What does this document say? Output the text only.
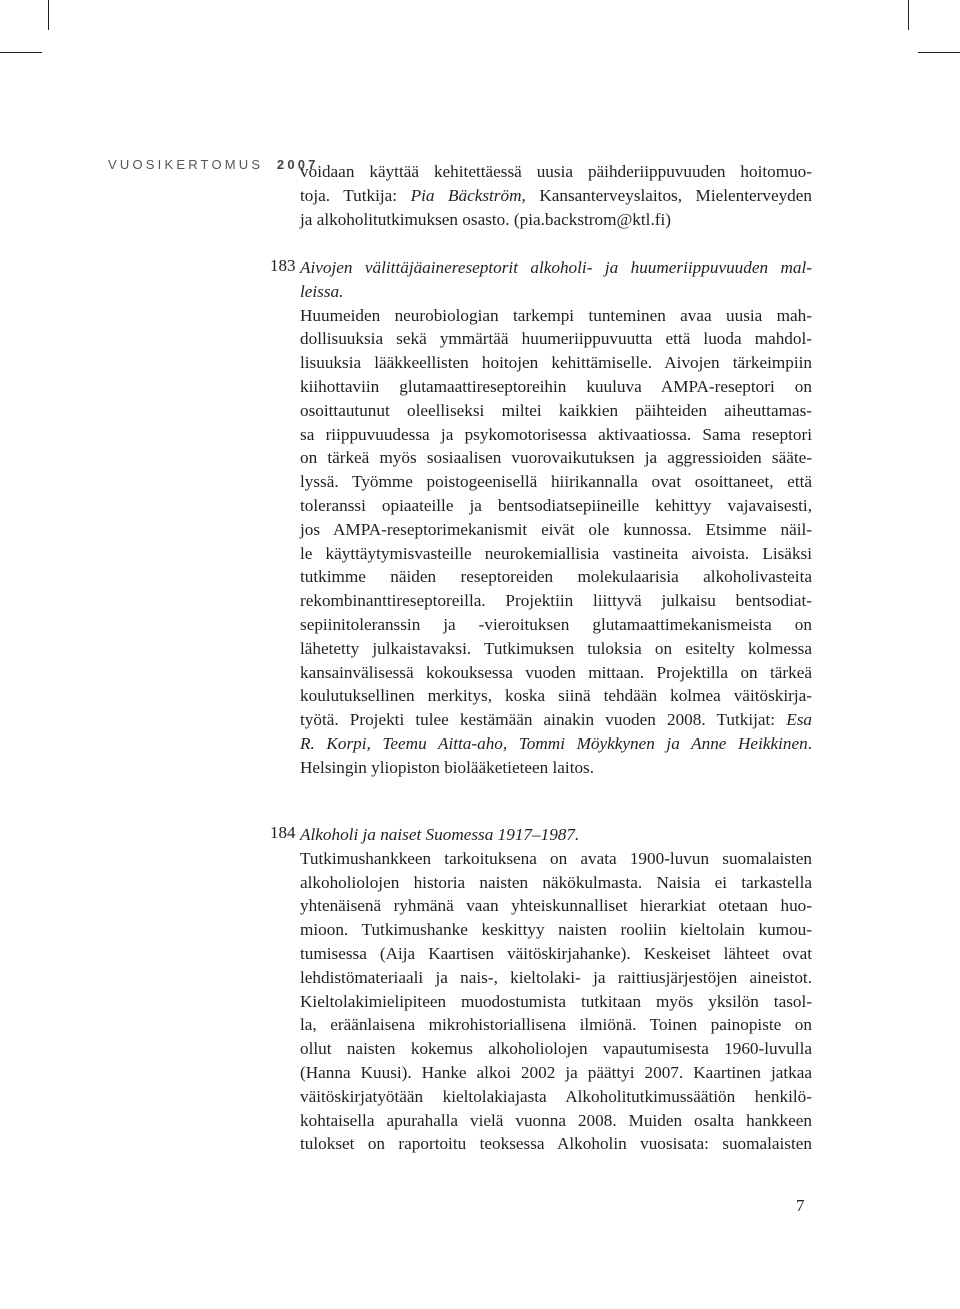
VUOSIKERTOMUS 2007
voidaan käyttää kehitettäessä uusia päihderiippuvuuden hoitomuo-
toja. Tutkija: Pia Bäckström, Kansanterveyslaitos, Mielenterveyden
ja alkoholitutkimuksen osasto. (pia.backstrom@ktl.fi)
183 Aivojen välittäjäainereseptorit alkoholi- ja huumeriippuvuuden mal-
leissa.
Huumeiden neurobiologian tarkempi tunteminen avaa uusia mah-
dollisuuksia sekä ymmärtää huumeriippuvuutta että luoda mahdol-
lisuuksia lääkkeellisten hoitojen kehittämiselle. Aivojen tärkeimpiin
kiihottaviin glutamaattireseptoreihin kuuluva AMPA-reseptori on
osoittautunut oleelliseksi miltei kaikkien päihteiden aiheuttamas-
sa riippuvuudessa ja psykomotorisessa aktivaatiossa. Sama reseptori
on tärkeä myös sosiaalisen vuorovaikutuksen ja aggressioiden sääte-
lyssä. Työmme poistogeenisellä hiirikannalla ovat osoittaneet, että
toleranssi opiaateille ja bentsodiatsepiineille kehittyy vajavaisesti,
jos AMPA-reseptorimekanismit eivät ole kunnossa. Etsimme näil-
le käyttäytymisvasteille neurokemiallisia vastineita aivoista. Lisäksi
tutkimme näiden reseptoreiden molekulaarisia alkoholivasteita
rekombinanttireseptoreilla. Projektiin liittyvä julkaisu bentsodiat-
sepiinitoleranssin ja -vieroituksen glutamaattimekanismeista on
lähetetty julkaistavaksi. Tutkimuksen tuloksia on esitelty kolmessa
kansainvälisessä kokouksessa vuoden mittaan. Projektilla on tärkeä
koulutuksellinen merkitys, koska siinä tehdään kolmea väitöskirja-
työtä. Projekti tulee kestämään ainakin vuoden 2008. Tutkijat: Esa
R. Korpi, Teemu Aitta-aho, Tommi Möykkynen ja Anne Heikkinen.
Helsingin yliopiston biolääketieteen laitos.
184 Alkoholi ja naiset Suomessa 1917–1987.
Tutkimushankkeen tarkoituksena on avata 1900-luvun suomalaisten
alkoholiolojen historia naisten näkökulmasta. Naisia ei tarkastella
yhtenäisenä ryhmänä vaan yhteiskunnalliset hierarkiat otetaan huo-
mioon. Tutkimushanke keskittyy naisten rooliin kieltolain kumou-
tumisessa (Aija Kaartisen väitöskirjahanke). Keskeiset lähteet ovat
lehdistömateriaali ja nais-, kieltolaki- ja raittiusjärjestöjen aineistot.
Kieltolakimielipiteen muodostumista tutkitaan myös yksilön tasol-
la, eräänlaisena mikrohistoriallisena ilmiönä. Toinen painopiste on
ollut naisten kokemus alkoholiolojen vapautumisesta 1960-luvulla
(Hanna Kuusi). Hanke alkoi 2002 ja päättyi 2007. Kaartinen jatkaa
väitöskirjatyötään kieltolakiajasta Alkoholitutkimussäätiön henkilö-
kohtaisella apurahalla vielä vuonna 2008. Muiden osalta hankkeen
tulokset on raportoitu teoksessa Alkoholin vuosisata: suomalaisten
7
